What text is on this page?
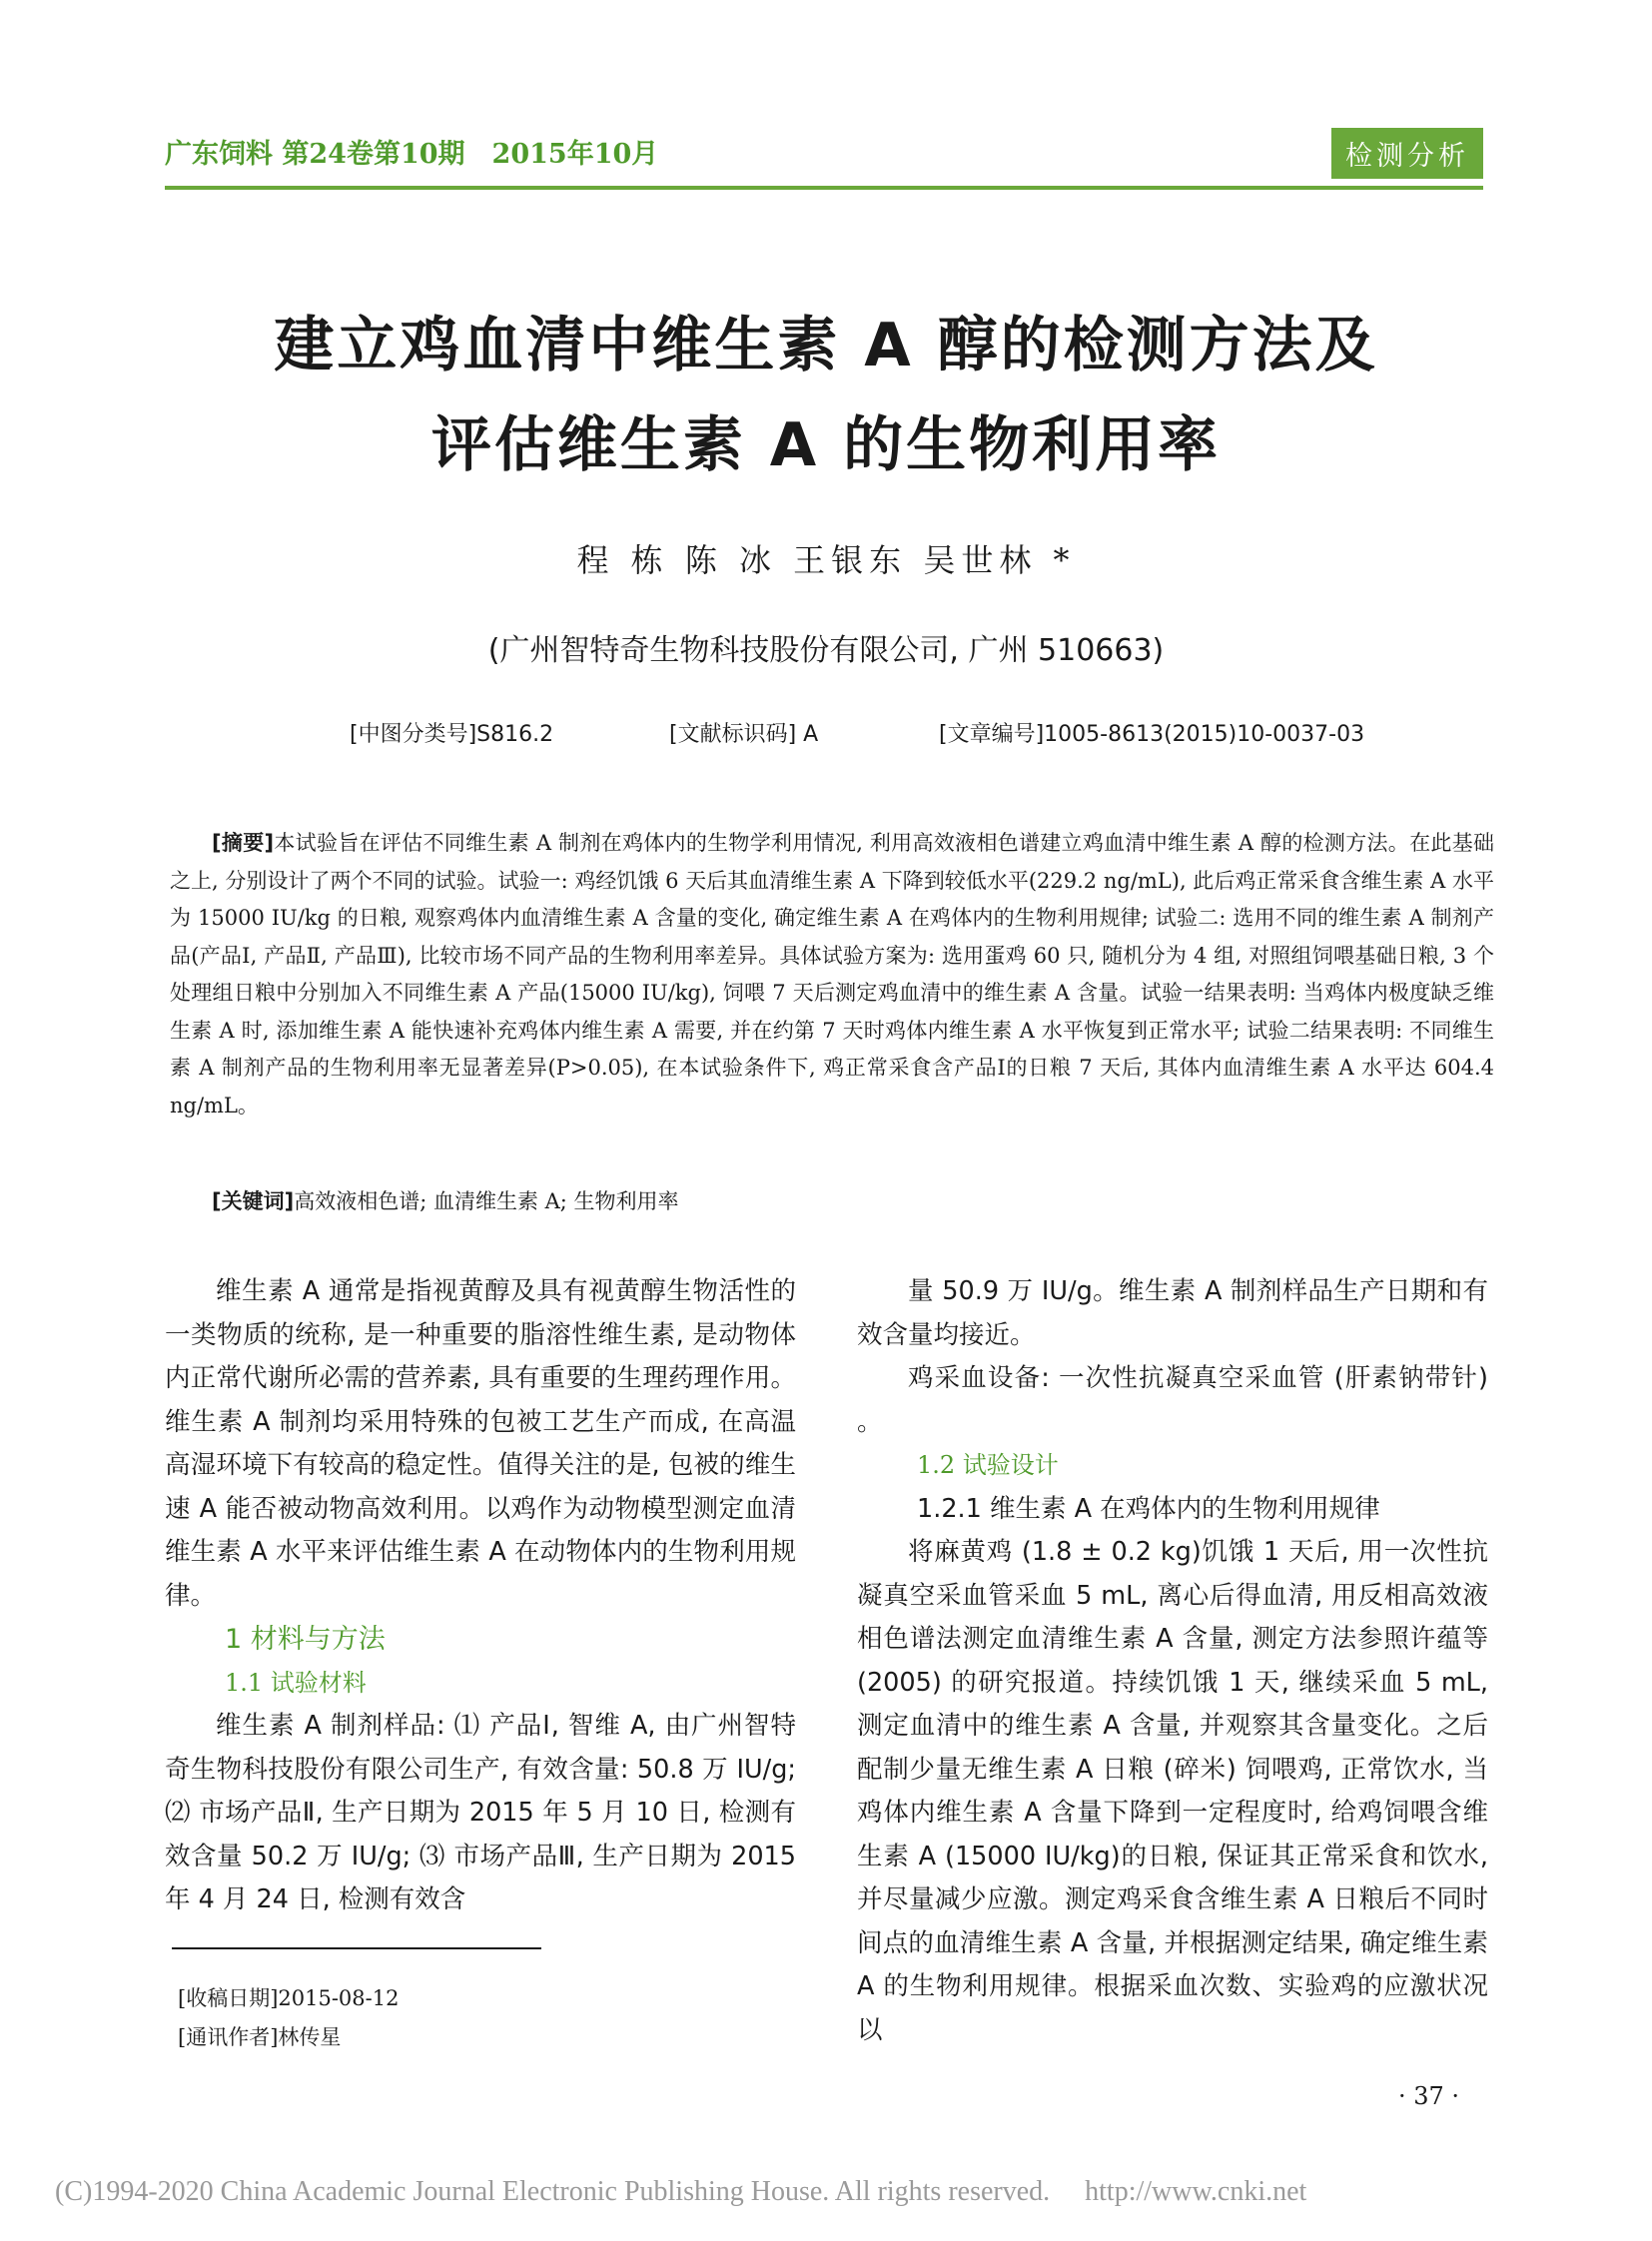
广东饲料 第24卷第10期　2015年10月	检测分析
建立鸡血清中维生素 A 醇的检测方法及
评估维生素 A 的生物利用率
程 栋 陈 冰 王银东 吴世林 *
(广州智特奇生物科技股份有限公司, 广州 510663)
[中图分类号]S816.2	[文献标识码] A	[文章编号]1005-8613(2015)10-0037-03
[摘要]本试验旨在评估不同维生素 A 制剂在鸡体内的生物学利用情况, 利用高效液相色谱建立鸡血清中维生素 A 醇的检测方法。在此基础之上, 分别设计了两个不同的试验。试验一: 鸡经饥饿 6 天后其血清维生素 A 下降到较低水平(229.2 ng/mL), 此后鸡正常采食含维生素 A 水平为 15000 IU/kg 的日粮, 观察鸡体内血清维生素 A 含量的变化, 确定维生素 A 在鸡体内的生物利用规律; 试验二: 选用不同的维生素 A 制剂产品(产品Ⅰ, 产品Ⅱ, 产品Ⅲ), 比较市场不同产品的生物利用率差异。具体试验方案为: 选用蛋鸡 60 只, 随机分为 4 组, 对照组饲喂基础日粮, 3 个处理组日粮中分别加入不同维生素 A 产品(15000 IU/kg), 饲喂 7 天后测定鸡血清中的维生素 A 含量。试验一结果表明: 当鸡体内极度缺乏维生素 A 时, 添加维生素 A 能快速补充鸡体内维生素 A 需要, 并在约第 7 天时鸡体内维生素 A 水平恢复到正常水平; 试验二结果表明: 不同维生素 A 制剂产品的生物利用率无显著差异(P>0.05), 在本试验条件下, 鸡正常采食含产品Ⅰ的日粮 7 天后, 其体内血清维生素 A 水平达 604.4 ng/mL。
[关键词]高效液相色谱; 血清维生素 A; 生物利用率

维生素 A 通常是指视黄醇及具有视黄醇生物活性的一类物质的统称, 是一种重要的脂溶性维生素, 是动物体内正常代谢所必需的营养素, 具有重要的生理药理作用。维生素 A 制剂均采用特殊的包被工艺生产而成, 在高温高湿环境下有较高的稳定性。值得关注的是, 包被的维生速 A 能否被动物高效利用。以鸡作为动物模型测定血清维生素 A 水平来评估维生素 A 在动物体内的生物利用规律。

1 材料与方法
1.1 试验材料

维生素 A 制剂样品: ⑴ 产品Ⅰ, 智维 A, 由广州智特奇生物科技股份有限公司生产, 有效含量: 50.8 万 IU/g; ⑵ 市场产品Ⅱ, 生产日期为 2015 年 5 月 10 日, 检测有效含量 50.2 万 IU/g; ⑶ 市场产品Ⅲ, 生产日期为 2015 年 4 月 24 日, 检测有效含

量 50.9 万 IU/g。维生素 A 制剂样品生产日期和有效含量均接近。

鸡采血设备: 一次性抗凝真空采血管 (肝素钠带针) 。

1.2 试验设计
1.2.1 维生素 A 在鸡体内的生物利用规律

将麻黄鸡 (1.8 ± 0.2 kg)饥饿 1 天后, 用一次性抗凝真空采血管采血 5 mL, 离心后得血清, 用反相高效液相色谱法测定血清维生素 A 含量, 测定方法参照许蕴等 (2005) 的研究报道。持续饥饿 1 天, 继续采血 5 mL, 测定血清中的维生素 A 含量, 并观察其含量变化。之后配制少量无维生素 A 日粮 (碎米) 饲喂鸡, 正常饮水, 当鸡体内维生素 A 含量下降到一定程度时, 给鸡饲喂含维生素 A (15000 IU/kg)的日粮, 保证其正常采食和饮水, 并尽量减少应激。测定鸡采食含维生素 A 日粮后不同时间点的血清维生素 A 含量, 并根据测定结果, 确定维生素 A 的生物利用规律。根据采血次数、实验鸡的应激状况以

[收稿日期]2015-08-12
[通讯作者]林传星
· 37 ·
(C)1994-2020 China Academic Journal Electronic Publishing House. All rights reserved.　 http://www.cnki.net
